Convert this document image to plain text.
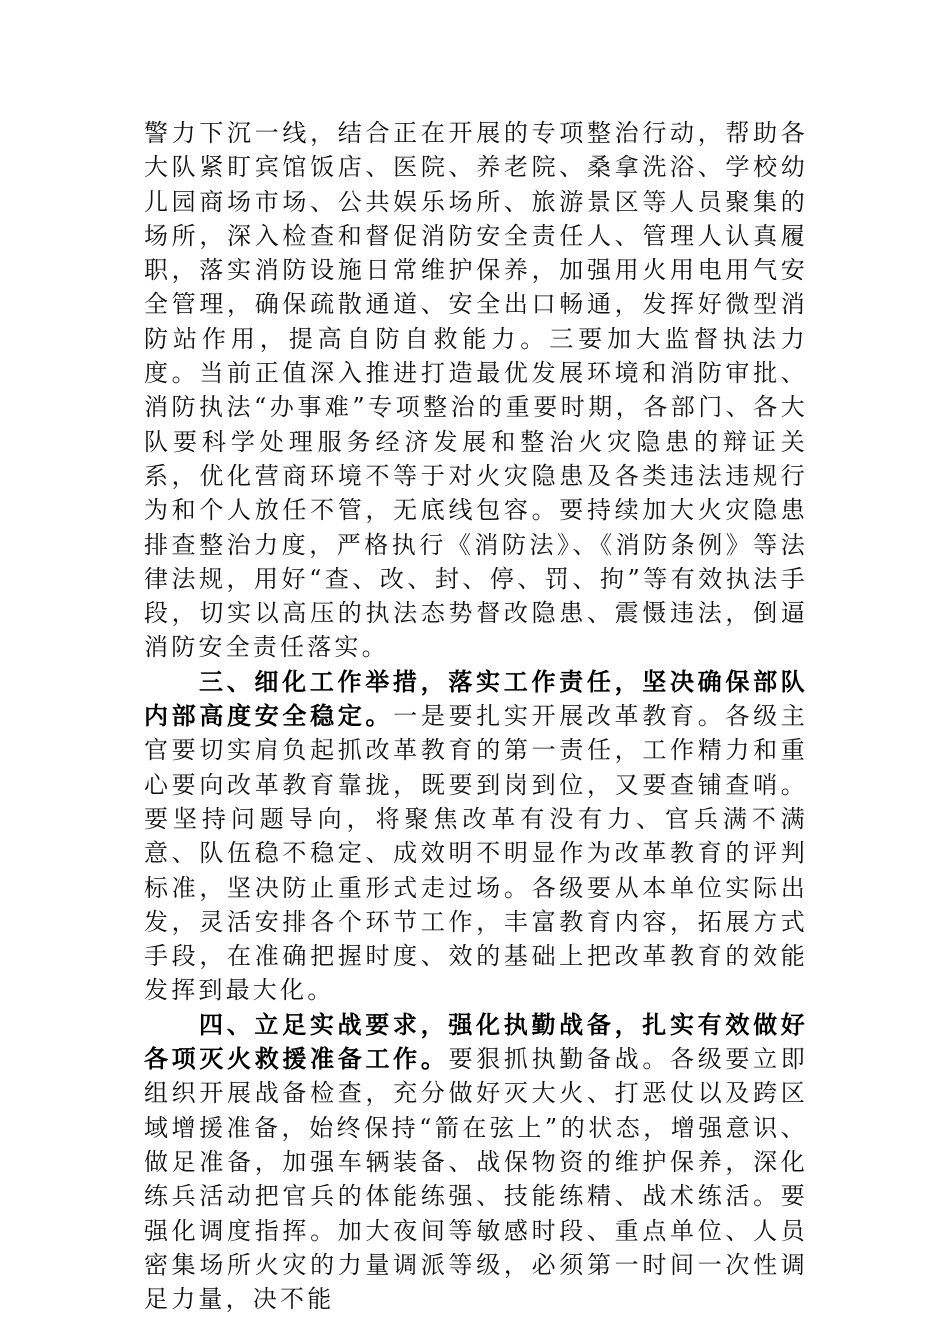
警力下沉一线，结合正在开展的专项整治行动，帮助各大队紧盯宾馆饭店、医院、养老院、桑拿洗浴、学校幼儿园商场市场、公共娱乐场所、旅游景区等人员聚集的场所，深入检查和督促消防安全责任人、管理人认真履职，落实消防设施日常维护保养，加强用火用电用气安全管理，确保疏散通道、安全出口畅通，发挥好微型消防站作用，提高自防自救能力。三要加大监督执法力度。当前正值深入推进打造最优发展环境和消防审批、消防执法“办事难”专项整治的重要时期，各部门、各大队要科学处理服务经济发展和整治火灾隐患的辩证关系，优化营商环境不等于对火灾隐患及各类违法违规行为和个人放任不管，无底线包容。要持续加大火灾隐患排查整治力度，严格执行《消防法》、《消防条例》等法律法规，用好“查、改、封、停、罚、拘”等有效执法手段，切实以高压的执法态势督改隐患、震慑违法，倒逼消防安全责任落实。

三、细化工作举措，落实工作责任，坚决确保部队内部高度安全稳定。一是要扎实开展改革教育。各级主官要切实肩负起抓改革教育的第一责任，工作精力和重心要向改革教育靠拢，既要到岗到位，又要查铺查哨。要坚持问题导向，将聚焦改革有没有力、官兵满不满意、队伍稳不稳定、成效明不明显作为改革教育的评判标准，坚决防止重形式走过场。各级要从本单位实际出发，灵活安排各个环节工作，丰富教育内容，拓展方式手段，在准确把握时度、效的基础上把改革教育的效能发挥到最大化。

四、立足实战要求，强化执勤战备，扎实有效做好各项灭火救援准备工作。要狠抓执勤备战。各级要立即组织开展战备检查，充分做好灭大火、打恶仗以及跨区域增援准备，始终保持“箭在弦上”的状态，增强意识、做足准备，加强车辆装备、战保物资的维护保养，深化练兵活动把官兵的体能练强、技能练精、战术练活。要强化调度指挥。加大夜间等敏感时段、重点单位、人员密集场所火灾的力量调派等级，必须第一时间一次性调足力量，决不能
